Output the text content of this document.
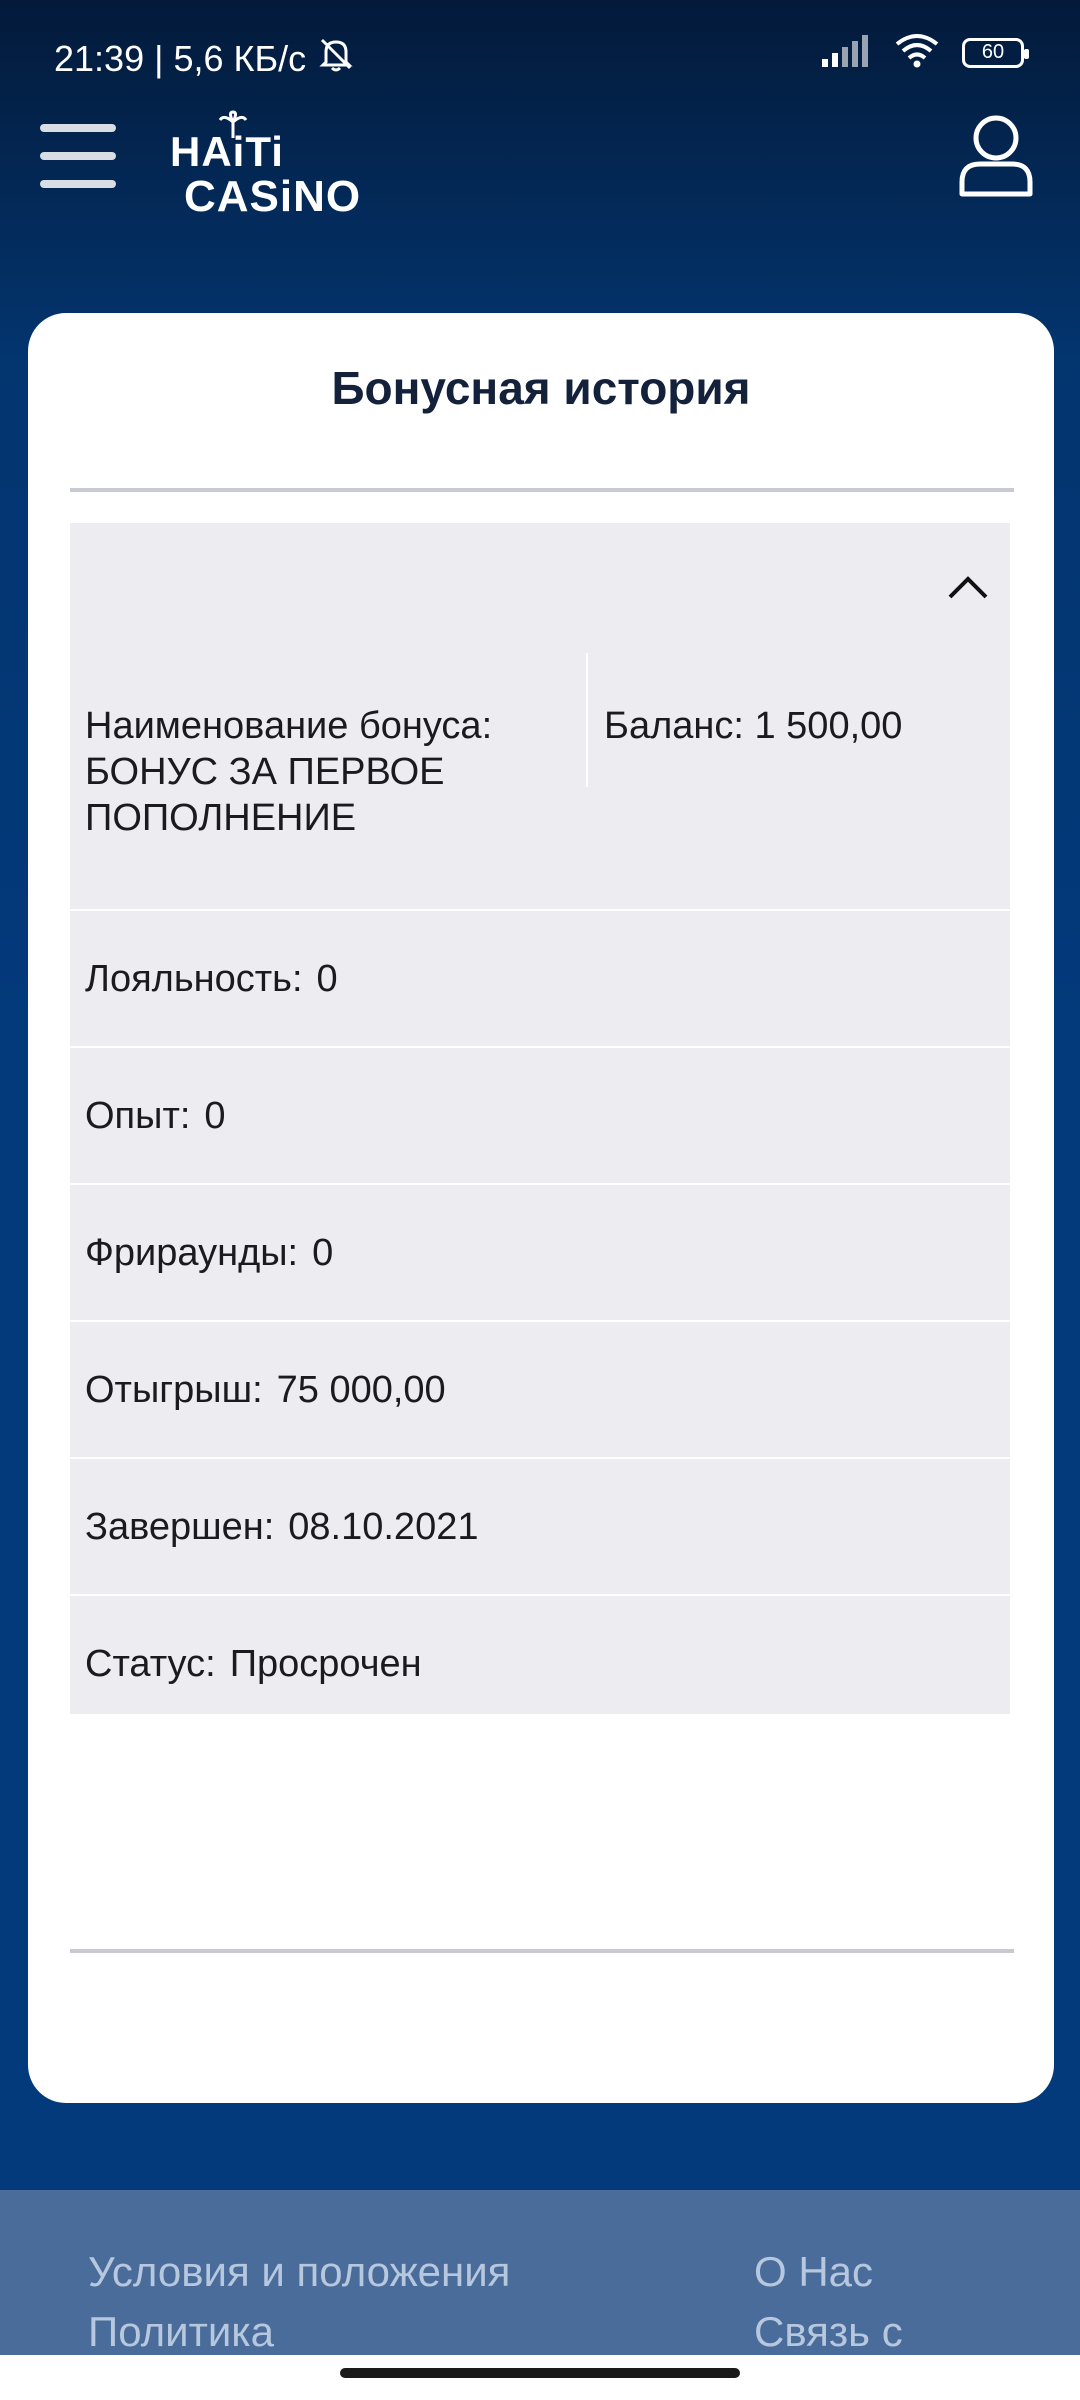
21:39 | 5,6 КБ/с	60
HAiTi
CASiNO
Бонусная история
Наименование бонуса:
БОНУС ЗА ПЕРВОЕ ПОПОЛНЕНИЕ
Баланс: 1 500,00
Лояльность: 0
Опыт: 0
Фрираунды: 0
Отыгрыш: 75 000,00
Завершен: 08.10.2021
Статус: Просрочен
Условия и положения
Политика
О Нас
Связь с
